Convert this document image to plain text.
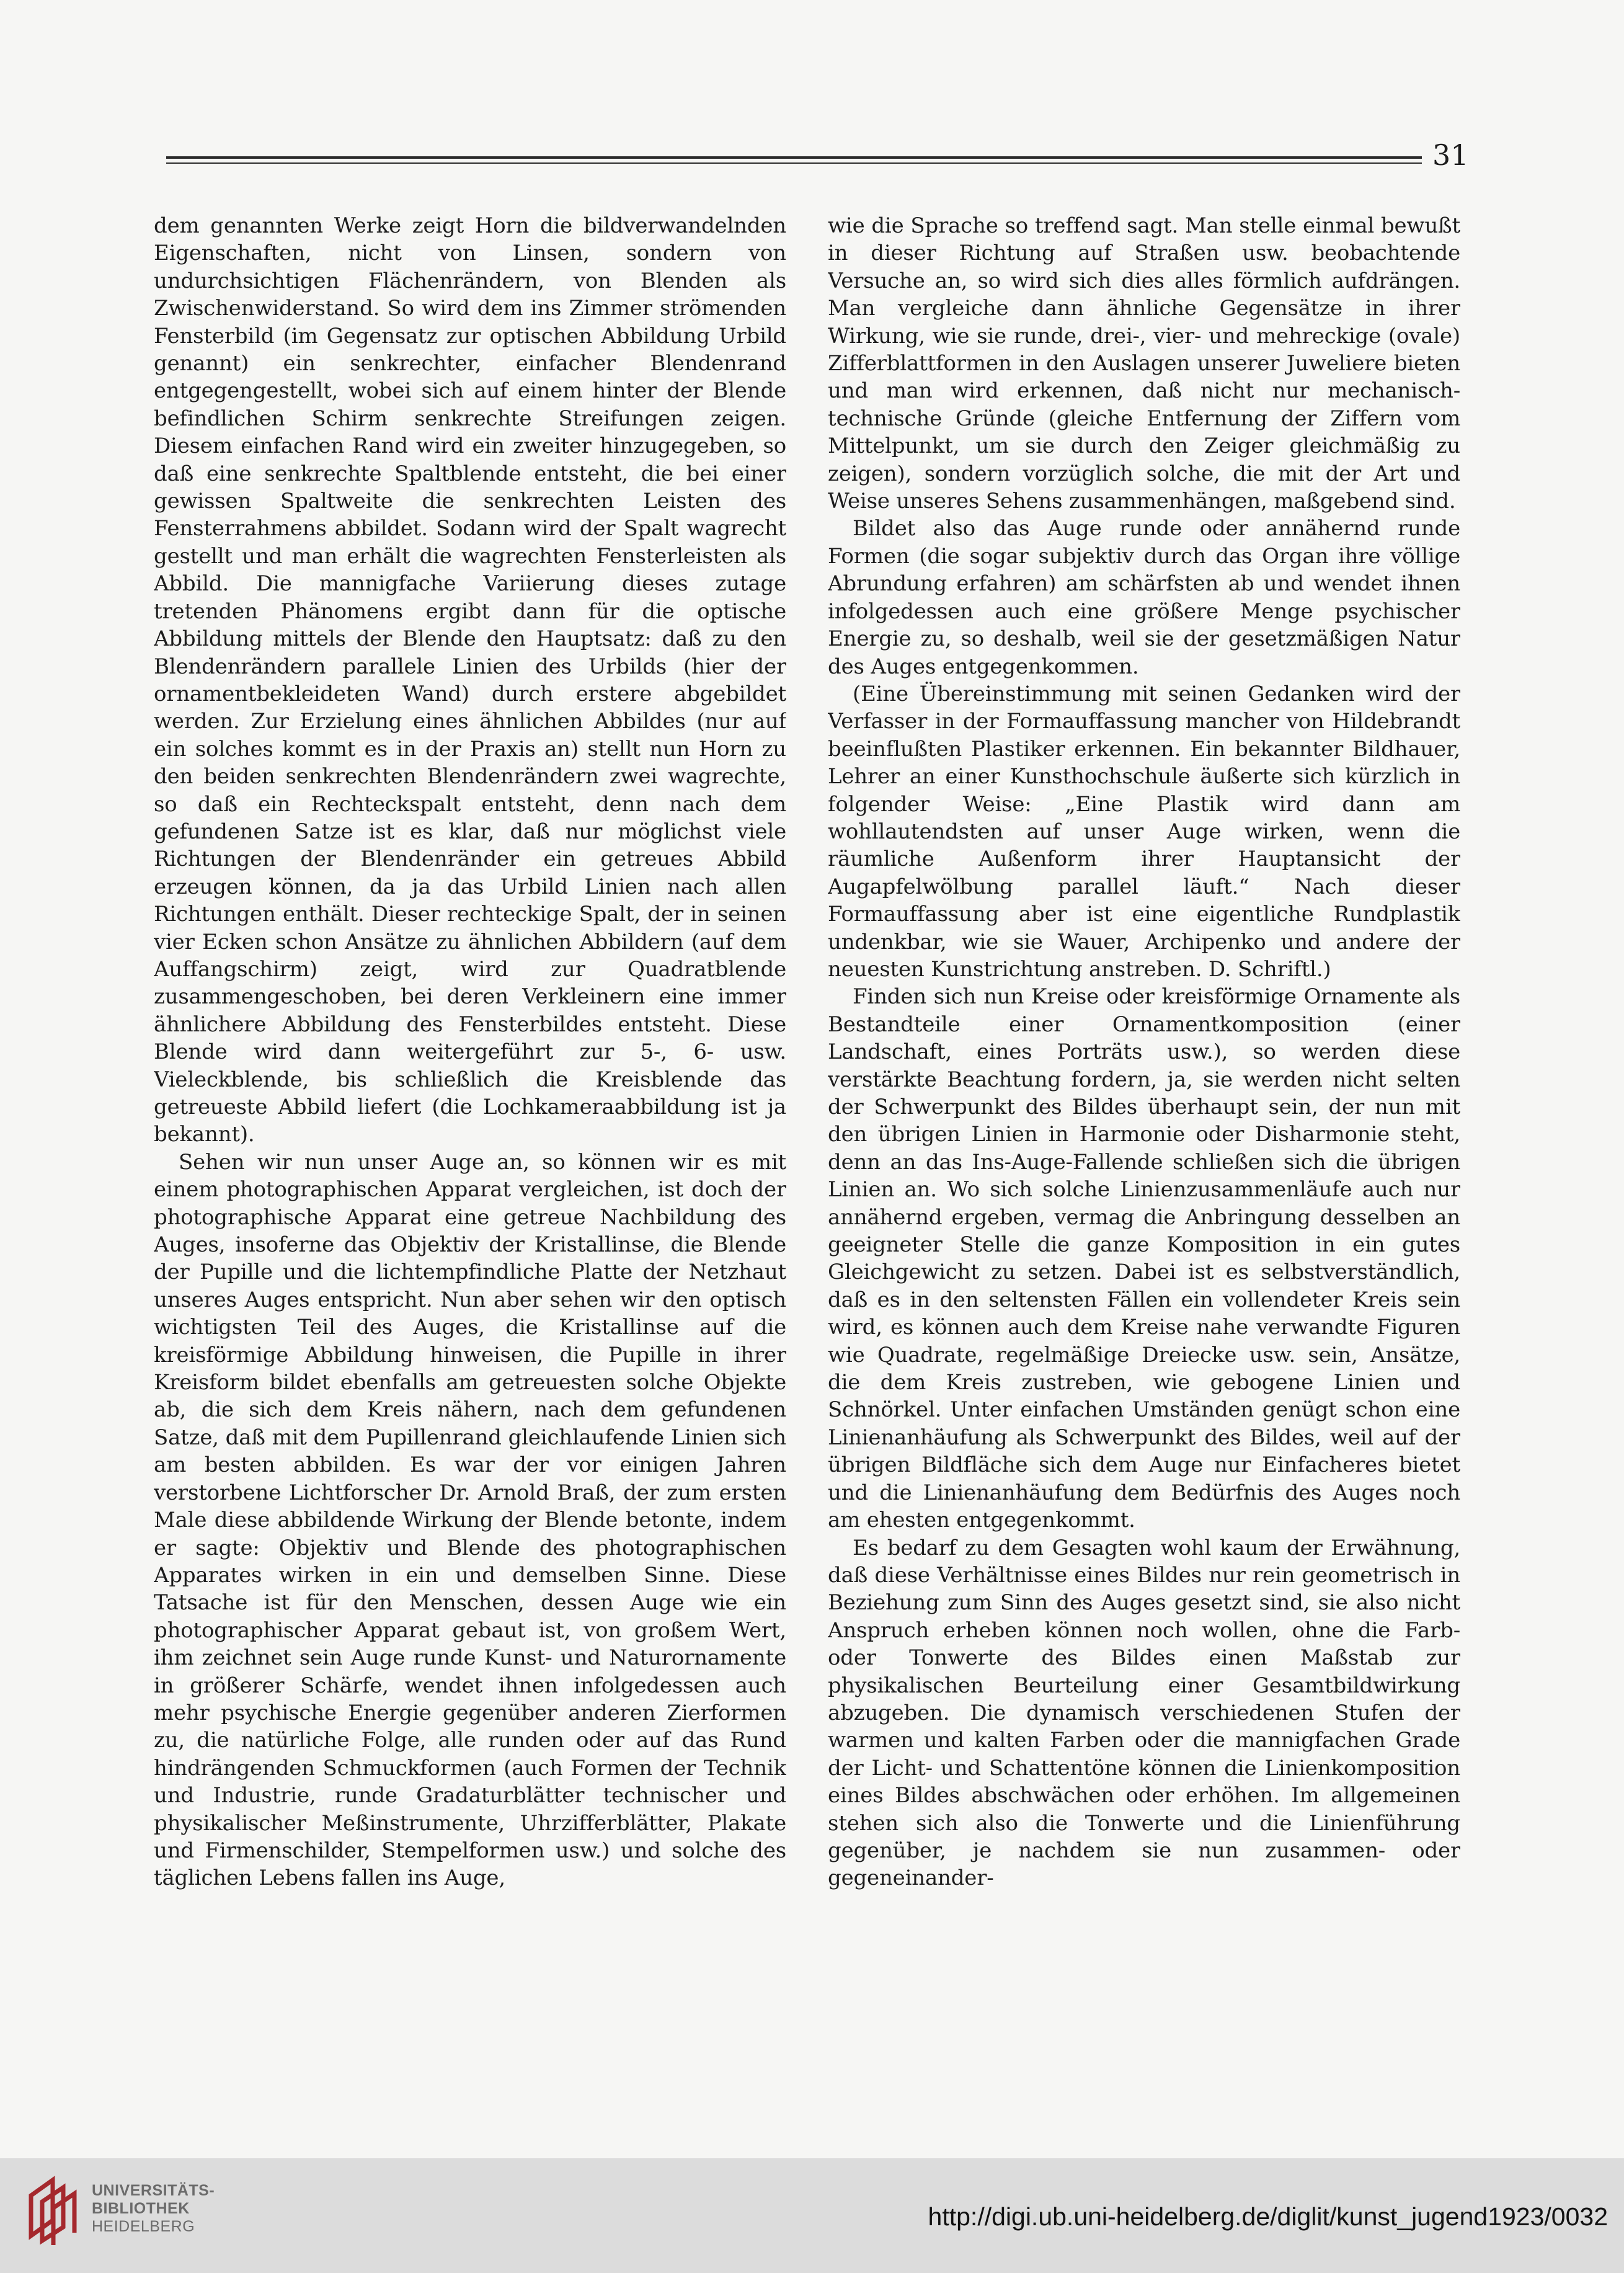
31

dem genannten Werke zeigt Horn die bildverwandelnden Eigenschaften, nicht von Linsen, sondern von undurchsichtigen Flächenrändern, von Blenden als Zwischenwiderstand. So wird dem ins Zimmer strömenden Fensterbild (im Gegensatz zur optischen Abbildung Urbild genannt) ein senkrechter, einfacher Blendenrand entgegengestellt, wobei sich auf einem hinter der Blende befindlichen Schirm senkrechte Streifungen zeigen. Diesem einfachen Rand wird ein zweiter hinzugegeben, so daß eine senkrechte Spaltblende entsteht, die bei einer gewissen Spaltweite die senkrechten Leisten des Fensterrahmens abbildet. Sodann wird der Spalt wagrecht gestellt und man erhält die wagrechten Fensterleisten als Abbild. Die mannigfache Variierung dieses zutage tretenden Phänomens ergibt dann für die optische Abbildung mittels der Blende den Hauptsatz: daß zu den Blendenrändern parallele Linien des Urbilds (hier der ornamentbekleideten Wand) durch erstere abgebildet werden. Zur Erzielung eines ähnlichen Abbildes (nur auf ein solches kommt es in der Praxis an) stellt nun Horn zu den beiden senkrechten Blendenrändern zwei wagrechte, so daß ein Rechteckspalt entsteht, denn nach dem gefundenen Satze ist es klar, daß nur möglichst viele Richtungen der Blendenränder ein getreues Abbild erzeugen können, da ja das Urbild Linien nach allen Richtungen enthält. Dieser rechteckige Spalt, der in seinen vier Ecken schon Ansätze zu ähnlichen Abbildern (auf dem Auffangschirm) zeigt, wird zur Quadratblende zusammengeschoben, bei deren Verkleinern eine immer ähnlichere Abbildung des Fensterbildes entsteht. Diese Blende wird dann weitergeführt zur 5-, 6- usw. Vieleckblende, bis schließlich die Kreisblende das getreueste Abbild liefert (die Lochkameraabbildung ist ja bekannt).

Sehen wir nun unser Auge an, so können wir es mit einem photographischen Apparat vergleichen, ist doch der photographische Apparat eine getreue Nachbildung des Auges, insoferne das Objektiv der Kristallinse, die Blende der Pupille und die lichtempfindliche Platte der Netzhaut unseres Auges entspricht. Nun aber sehen wir den optisch wichtigsten Teil des Auges, die Kristallinse auf die kreisförmige Abbildung hinweisen, die Pupille in ihrer Kreisform bildet ebenfalls am getreuesten solche Objekte ab, die sich dem Kreis nähern, nach dem gefundenen Satze, daß mit dem Pupillenrand gleichlaufende Linien sich am besten abbilden. Es war der vor einigen Jahren verstorbene Lichtforscher Dr. Arnold Braß, der zum ersten Male diese abbildende Wirkung der Blende betonte, indem er sagte: Objektiv und Blende des photographischen Apparates wirken in ein und demselben Sinne. Diese Tatsache ist für den Menschen, dessen Auge wie ein photographischer Apparat gebaut ist, von großem Wert, ihm zeichnet sein Auge runde Kunst- und Naturornamente in größerer Schärfe, wendet ihnen infolgedessen auch mehr psychische Energie gegenüber anderen Zierformen zu, die natürliche Folge, alle runden oder auf das Rund hindrängenden Schmuckformen (auch Formen der Technik und Industrie, runde Gradaturblätter technischer und physikalischer Meßinstrumente, Uhrzifferblätter, Plakate und Firmenschilder, Stempelformen usw.) und solche des täglichen Lebens fallen ins Auge,

wie die Sprache so treffend sagt. Man stelle einmal bewußt in dieser Richtung auf Straßen usw. beobachtende Versuche an, so wird sich dies alles förmlich aufdrängen. Man vergleiche dann ähnliche Gegensätze in ihrer Wirkung, wie sie runde, drei-, vier- und mehreckige (ovale) Zifferblattformen in den Auslagen unserer Juweliere bieten und man wird erkennen, daß nicht nur mechanisch-technische Gründe (gleiche Entfernung der Ziffern vom Mittelpunkt, um sie durch den Zeiger gleichmäßig zu zeigen), sondern vorzüglich solche, die mit der Art und Weise unseres Sehens zusammenhängen, maßgebend sind.

Bildet also das Auge runde oder annähernd runde Formen (die sogar subjektiv durch das Organ ihre völlige Abrundung erfahren) am schärfsten ab und wendet ihnen infolgedessen auch eine größere Menge psychischer Energie zu, so deshalb, weil sie der gesetzmäßigen Natur des Auges entgegenkommen.

(Eine Übereinstimmung mit seinen Gedanken wird der Verfasser in der Formauffassung mancher von Hildebrandt beeinflußten Plastiker erkennen. Ein bekannter Bildhauer, Lehrer an einer Kunsthochschule äußerte sich kürzlich in folgender Weise: „Eine Plastik wird dann am wohllautendsten auf unser Auge wirken, wenn die räumliche Außenform ihrer Hauptansicht der Augapfelwölbung parallel läuft.“ Nach dieser Formauffassung aber ist eine eigentliche Rundplastik undenkbar, wie sie Wauer, Archipenko und andere der neuesten Kunstrichtung anstreben. D. Schriftl.)

Finden sich nun Kreise oder kreisförmige Ornamente als Bestandteile einer Ornamentkomposition (einer Landschaft, eines Porträts usw.), so werden diese verstärkte Beachtung fordern, ja, sie werden nicht selten der Schwerpunkt des Bildes überhaupt sein, der nun mit den übrigen Linien in Harmonie oder Disharmonie steht, denn an das Ins-Auge-Fallende schließen sich die übrigen Linien an. Wo sich solche Linienzusammenläufe auch nur annähernd ergeben, vermag die Anbringung desselben an geeigneter Stelle die ganze Komposition in ein gutes Gleichgewicht zu setzen. Dabei ist es selbstverständlich, daß es in den seltensten Fällen ein vollendeter Kreis sein wird, es können auch dem Kreise nahe verwandte Figuren wie Quadrate, regelmäßige Dreiecke usw. sein, Ansätze, die dem Kreis zustreben, wie gebogene Linien und Schnörkel. Unter einfachen Umständen genügt schon eine Linienanhäufung als Schwerpunkt des Bildes, weil auf der übrigen Bildfläche sich dem Auge nur Einfacheres bietet und die Linienanhäufung dem Bedürfnis des Auges noch am ehesten entgegenkommt.

Es bedarf zu dem Gesagten wohl kaum der Erwähnung, daß diese Verhältnisse eines Bildes nur rein geometrisch in Beziehung zum Sinn des Auges gesetzt sind, sie also nicht Anspruch erheben können noch wollen, ohne die Farb- oder Tonwerte des Bildes einen Maßstab zur physikalischen Beurteilung einer Gesamtbildwirkung abzugeben. Die dynamisch verschiedenen Stufen der warmen und kalten Farben oder die mannigfachen Grade der Licht- und Schattentöne können die Linienkomposition eines Bildes abschwächen oder erhöhen. Im allgemeinen stehen sich also die Tonwerte und die Linienführung gegenüber, je nachdem sie nun zusammen- oder gegeneinander-

UNIVERSITÄTS-
BIBLIOTHEK
HEIDELBERG	http://digi.ub.uni-heidelberg.de/diglit/kunst_jugend1923/0032
